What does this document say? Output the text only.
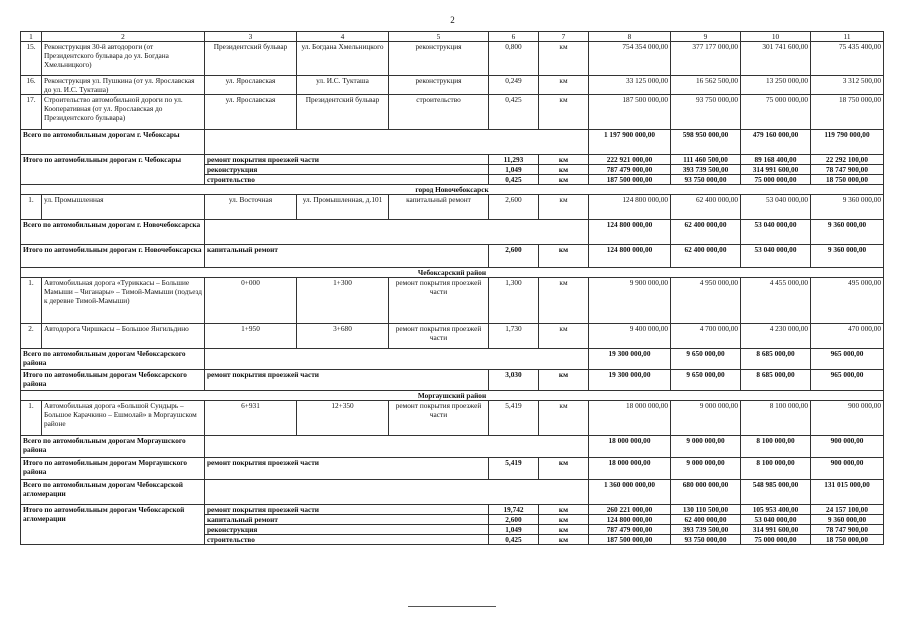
2
1	2	3	4	5	6	7	8	9	10	11
15.	Реконструкция 30-й автодороги (от Президентского бульвара до ул. Богдана Хмельницкого)	Президентский бульвар	ул. Богдана Хмельницкого	реконструкция	0,800	км	754 354 000,00	377 177 000,00	301 741 600,00	75 435 400,00
16.	Реконструкция ул. Пушкина (от ул. Ярославская до ул. И.С. Тукташа)	ул. Ярославская	ул. И.С. Тукташа	реконструкция	0,249	км	33 125 000,00	16 562 500,00	13 250 000,00	3 312 500,00
17.	Строительство автомобильной дороги по ул. Кооперативная (от ул. Ярославская до Президентского бульвара)	ул. Ярославская	Президентский бульвар	строительство	0,425	км	187 500 000,00	93 750 000,00	75 000 000,00	18 750 000,00
Всего по автомобильным дорогам г. Чебоксары							1 197 900 000,00	598 950 000,00	479 160 000,00	119 790 000,00
Итого по автомобильным дорогам г. Чебоксары		ремонт покрытия проезжей части			11,293	км	222 921 000,00	111 460 500,00	89 168 400,00	22 292 100,00
		реконструкция			1,049	км	787 479 000,00	393 739 500,00	314 991 600,00	78 747 900,00
		строительство			0,425	км	187 500 000,00	93 750 000,00	75 000 000,00	18 750 000,00
город Новочебоксарск										
1.	ул. Промышленная	ул. Восточная	ул. Промышленная, д.101	капитальный ремонт	2,600	км	124 800 000,00	62 400 000,00	53 040 000,00	9 360 000,00
Всего по автомобильным дорогам г. Новочебоксарска							124 800 000,00	62 400 000,00	53 040 000,00	9 360 000,00
Итого по автомобильным дорогам г. Новочебоксарска		капитальный ремонт			2,600	км	124 800 000,00	62 400 000,00	53 040 000,00	9 360 000,00
Чебоксарский район										
1.	Автомобильная дорога «Туриккасы – Большие Мамыши – Чиганары» – Тимой-Мамыши (подъезд к деревне Тимой-Мамыши)	0+000	1+300	ремонт покрытия проезжей части	1,300	км	9 900 000,00	4 950 000,00	4 455 000,00	495 000,00
2.	Автодорога Чиршкасы – Большое Янгильдино	1+950	3+680	ремонт покрытия проезжей части	1,730	км	9 400 000,00	4 700 000,00	4 230 000,00	470 000,00
Всего по автомобильным дорогам Чебоксарского района							19 300 000,00	9 650 000,00	8 685 000,00	965 000,00
Итого по автомобильным дорогам Чебоксарского района		ремонт покрытия проезжей части			3,030	км	19 300 000,00	9 650 000,00	8 685 000,00	965 000,00
Моргаушский район										
1.	Автомобильная дорога «Большой Сундырь – Большое Карачкино – Ешмолай» в Моргаушском районе	6+931	12+350	ремонт покрытия проезжей части	5,419	км	18 000 000,00	9 000 000,00	8 100 000,00	900 000,00
Всего по автомобильным дорогам Моргаушского района							18 000 000,00	9 000 000,00	8 100 000,00	900 000,00
Итого по автомобильным дорогам Моргаушского района		ремонт покрытия проезжей части			5,419	км	18 000 000,00	9 000 000,00	8 100 000,00	900 000,00
Всего по автомобильным дорогам Чебоксарской агломерации							1 360 000 000,00	680 000 000,00	548 985 000,00	131 015 000,00
Итого по автомобильным дорогам Чебоксарской агломерации		ремонт покрытия проезжей части			19,742	км	260 221 000,00	130 110 500,00	105 953 400,00	24 157 100,00
		капитальный ремонт			2,600	км	124 800 000,00	62 400 000,00	53 040 000,00	9 360 000,00
		реконструкция			1,049	км	787 479 000,00	393 739 500,00	314 991 600,00	78 747 900,00
		строительство			0,425	км	187 500 000,00	93 750 000,00	75 000 000,00	18 750 000,00
